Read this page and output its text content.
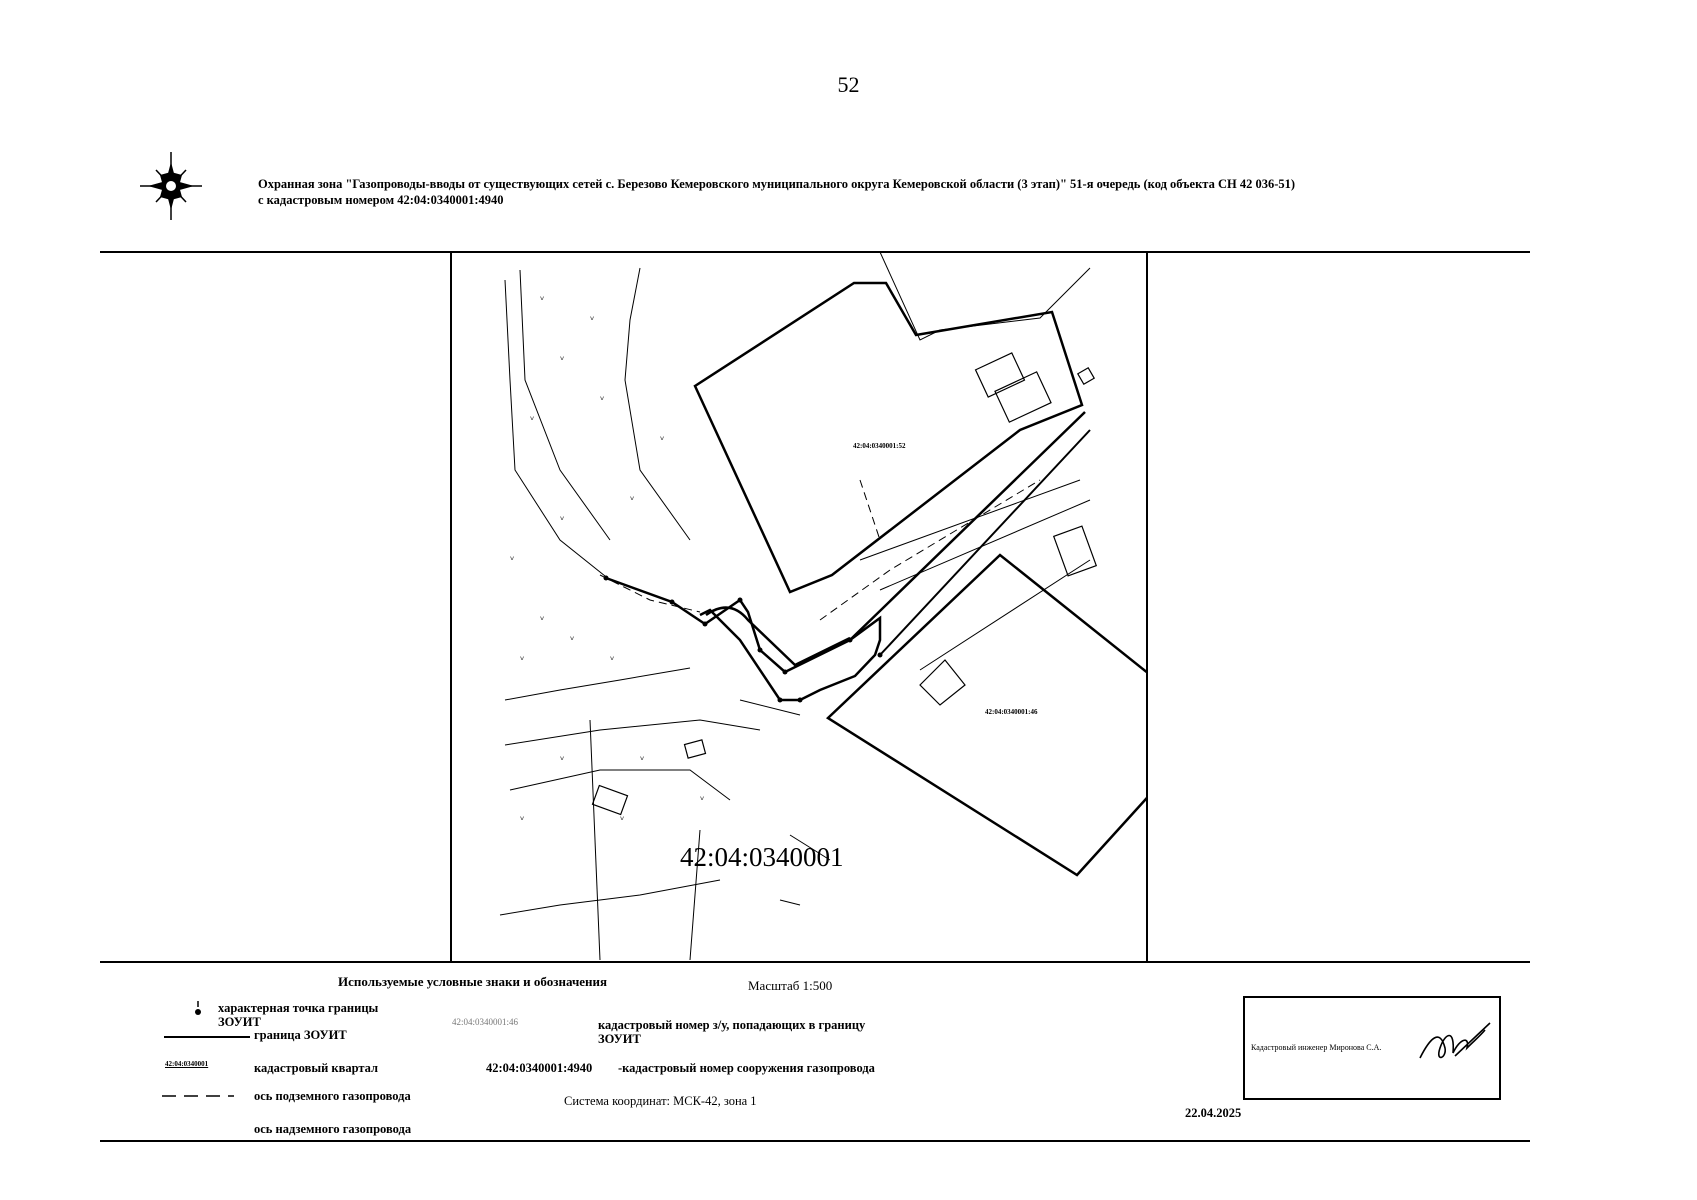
52
Охранная зона "Газопроводы-вводы от существующих сетей с. Березово Кемеровского муниципального округа Кемеровской области (3 этап)" 51-я очередь (код объекта СН 42 036-51)
с кадастровым номером 42:04:0340001:4940
ᵥ
ᵥ
ᵥ
ᵥ
ᵥ
ᵥ
ᵥ
ᵥ
ᵥ	ᵥ
ᵥ	ᵥ
ᵥ
ᵥ
ᵥ
ᵥ	ᵥ
ᵥ
42:04:0340001:52
42:04:0340001:46
42:04:0340001
Используемые условные знаки и обозначения	Масштаб 1:500
характерная точка границы ЗОУИТ
граница ЗОУИТ
42:04:0340001	кадастровый квартал
ось подземного газопровода
ось надземного газопровода
42:04:0340001:46	кадастровый номер з/у, попадающих в границу ЗОУИТ
42:04:0340001:4940 -кадастровый номер сооружения газопровода
Система координат: МСК-42, зона 1
Кадастровый инженер Миронова С.А.
22.04.2025
